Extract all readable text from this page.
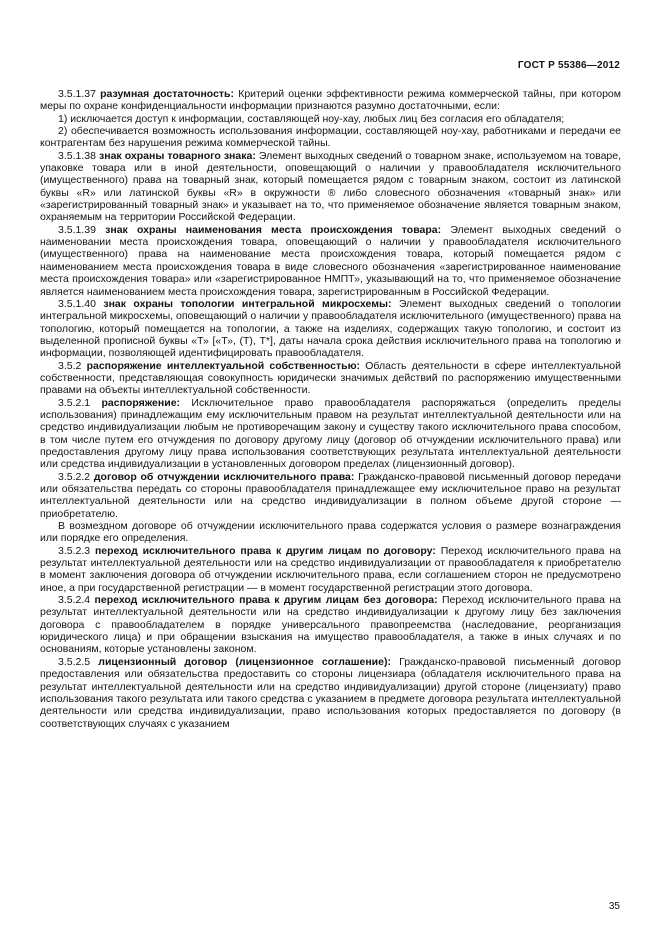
ГОСТ Р 55386—2012

3.5.1.37 разумная достаточность: Критерий оценки эффективности режима коммерческой тайны, при котором меры по охране конфиденциальности информации признаются разумно достаточными, если:

1) исключается доступ к информации, составляющей ноу-хау, любых лиц без согласия его обладателя;

2) обеспечивается возможность использования информации, составляющей ноу-хау, работниками и передачи ее контрагентам без нарушения режима коммерческой тайны.

3.5.1.38 знак охраны товарного знака: Элемент выходных сведений о товарном знаке, используемом на товаре, упаковке товара или в иной деятельности, оповещающий о наличии у правообладателя исключительного (имущественного) права на товарный знак, который помещается рядом с товарным знаком, состоит из латинской буквы «R» или латинской буквы «R» в окружности ® либо словесного обозначения «товарный знак» или «зарегистрированный товарный знак» и указывает на то, что применяемое обозначение является товарным знаком, охраняемым на территории Российской Федерации.

3.5.1.39 знак охраны наименования места происхождения товара: Элемент выходных сведений о наименовании места происхождения товара, оповещающий о наличии у правообладателя исключительного (имущественного) права на наименование места происхождения товара, который помещается рядом с наименованием места происхождения товара в виде словесного обозначения «зарегистрированное наименование места происхождения товара» или «зарегистрированное НМПТ», указывающий на то, что применяемое обозначение является наименованием места происхождения товара, зарегистрированным в Российской Федерации.

3.5.1.40 знак охраны топологии интегральной микросхемы: Элемент выходных сведений о топологии интегральной микросхемы, оповещающий о наличии у правообладателя исключительного (имущественного) права на топологию, который помещается на топологии, а также на изделиях, содержащих такую топологию, и состоит из выделенной прописной буквы «Т» [«Т», (Т), Т*], даты начала срока действия исключительного права на топологию и информации, позволяющей идентифицировать правообладателя.

3.5.2 распоряжение интеллектуальной собственностью: Область деятельности в сфере интеллектуальной собственности, представляющая совокупность юридически значимых действий по распоряжению имущественными правами на объекты интеллектуальной собственности.

3.5.2.1 распоряжение: Исключительное право правообладателя распоряжаться (определить пределы использования) принадлежащим ему исключительным правом на результат интеллектуальной деятельности или на средство индивидуализации любым не противоречащим закону и существу такого исключительного права способом, в том числе путем его отчуждения по договору другому лицу (договор об отчуждении исключительного права) или предоставления другому лицу права использования соответствующих результата интеллектуальной деятельности или средства индивидуализации в установленных договором пределах (лицензионный договор).

3.5.2.2 договор об отчуждении исключительного права: Гражданско-правовой письменный договор передачи или обязательства передать со стороны правообладателя принадлежащее ему исключительное право на результат интеллектуальной деятельности или на средство индивидуализации в полном объеме другой стороне — приобретателю.

В возмездном договоре об отчуждении исключительного права содержатся условия о размере вознаграждения или порядке его определения.

3.5.2.3 переход исключительного права к другим лицам по договору: Переход исключительного права на результат интеллектуальной деятельности или на средство индивидуализации от правообладателя к приобретателю в момент заключения договора об отчуждении исключительного права, если соглашением сторон не предусмотрено иное, а при государственной регистрации — в момент государственной регистрации этого договора.

3.5.2.4 переход исключительного права к другим лицам без договора: Переход исключительного права на результат интеллектуальной деятельности или на средство индивидуализации к другому лицу без заключения договора с правообладателем в порядке универсального правопреемства (наследование, реорганизация юридического лица) и при обращении взыскания на имущество правообладателя, а также в иных случаях и по основаниям, которые установлены законом.

3.5.2.5 лицензионный договор (лицензионное соглашение): Гражданско-правовой письменный договор предоставления или обязательства предоставить со стороны лицензиара (обладателя исключительного права на результат интеллектуальной деятельности или на средство индивидуализации) другой стороне (лицензиату) право использования такого результата или такого средства с указанием в предмете договора результата интеллектуальной деятельности или средства индивидуализации, право использования которых предоставляется по договору (в соответствующих случаях с указанием

35
